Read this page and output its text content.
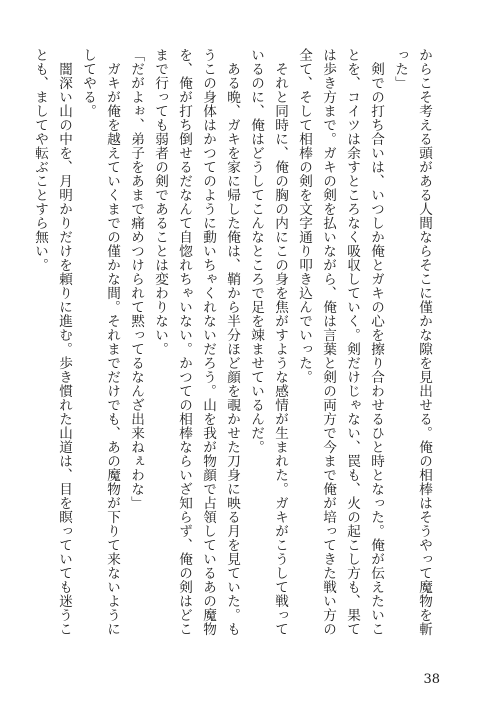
からこそ考える頭がある人間ならそこに僅かな隙を見出せる。俺の相棒はそうやって魔物を斬った」

　剣での打ち合いは、いつしか俺とガキの心を擦り合わせるひと時となった。俺が伝えたいことを、コイツは余すところなく吸収していく。剣だけじゃない、罠も、火の起こし方も、果ては歩き方まで。ガキの剣を払いながら、俺は言葉と剣の両方で今まで俺が培ってきた戦い方の全て、そして相棒の剣を文字通り叩き込んでいった。

　それと同時に、俺の胸の内にこの身を焦がすような感情が生まれた。ガキがこうして戦っているのに、俺はどうしてこんなところで足を竦ませているんだ。

　ある晩、ガキを家に帰した俺は、鞘から半分ほど顔を覗かせた刀身に映る月を見ていた。もうこの身体はかつてのように動いちゃくれないだろう。山を我が物顔で占領しているあの魔物を、俺が打ち倒せるだなんて自惚れちゃいない。かつての相棒ならいざ知らず、俺の剣はどこまで行っても弱者の剣であることは変わりない。

「だがよぉ、弟子をあまで痛めつけられて黙ってるなんざ出来ねぇわな」

　ガキが俺を越えていくまでの僅かな間。それまでだけでも、あの魔物が下りて来ないようにしてやる。

　闇深い山の中を、月明かりだけを頼りに進む。歩き慣れた山道は、目を瞑っていても迷うことも、ましてや転ぶことすら無い。

38
